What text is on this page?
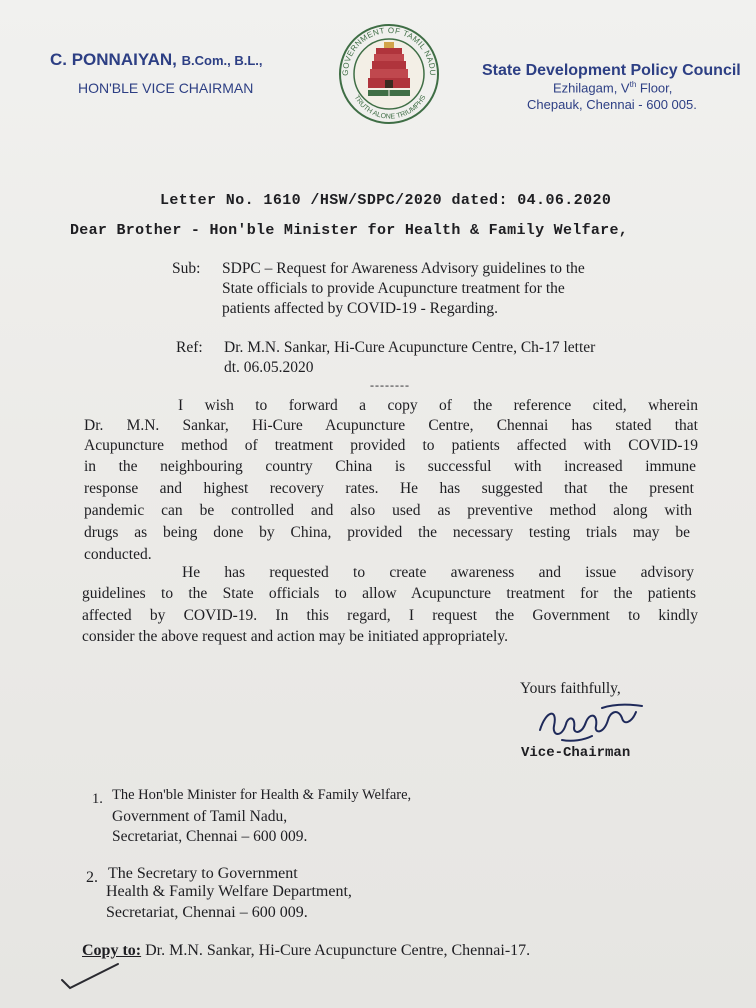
C. PONNAIYAN, B.Com., B.L.,
HON'BLE VICE CHAIRMAN
GOVERNMENT OF TAMIL NADU
TRUTH ALONE TRIUMPHS
State Development Policy Council
Ezhilagam, Vth Floor,
Chepauk, Chennai - 600 005.
Letter No. 1610 /HSW/SDPC/2020 dated: 04.06.2020
Dear Brother - Hon'ble Minister for Health & Family Welfare,
Sub: SDPC – Request for Awareness Advisory guidelines to the
State officials to provide Acupuncture treatment for the
patients affected by COVID-19 - Regarding.
Ref: Dr. M.N. Sankar, Hi-Cure Acupuncture Centre, Ch-17 letter
dt. 06.05.2020
--------
I wish to forward a copy of the reference cited, wherein
Dr. M.N. Sankar, Hi-Cure Acupuncture Centre, Chennai has stated that
Acupuncture method of treatment provided to patients affected with COVID-19
in the neighbouring country China is successful with increased immune
response and highest recovery rates. He has suggested that the present
pandemic can be controlled and also used as preventive method along with
drugs as being done by China, provided the necessary testing trials may be
conducted.
He has requested to create awareness and issue advisory
guidelines to the State officials to allow Acupuncture treatment for the patients
affected by COVID-19. In this regard, I request the Government to kindly
consider the above request and action may be initiated appropriately.
Yours faithfully,
Vice-Chairman
1. The Hon'ble Minister for Health & Family Welfare,
Government of Tamil Nadu,
Secretariat, Chennai – 600 009.
2. The Secretary to Government
Health & Family Welfare Department,
Secretariat, Chennai – 600 009.
Copy to: Dr. M.N. Sankar, Hi-Cure Acupuncture Centre, Chennai-17.
